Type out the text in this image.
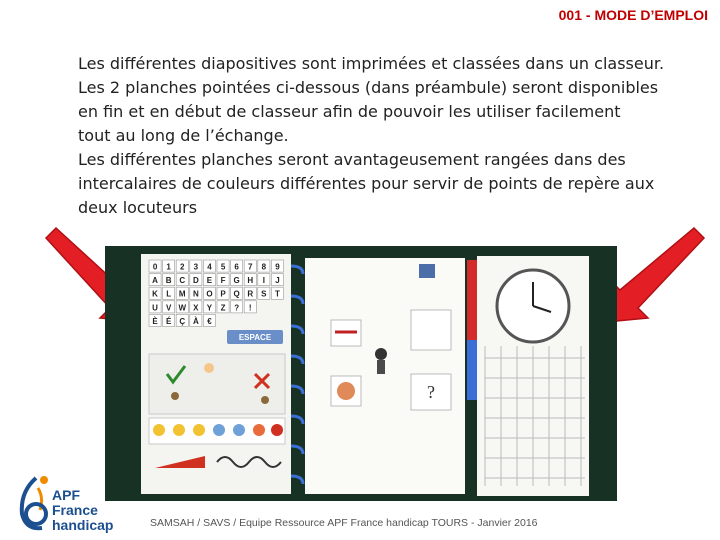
001 - MODE D’EMPLOI
Les différentes diapositives sont imprimées et classées dans un classeur.
Les 2 planches pointées ci-dessous (dans préambule) seront disponibles
en fin et en début de classeur afin de pouvoir les utiliser facilement
tout au long de l’échange.
Les différentes planches seront avantageusement rangées dans des
intercalaires de couleurs différentes pour servir de points de repère aux
deux locuteurs
0 1 2 3 4 5 6 7 8 9
A B C D E F G H I J
K L M N O P Q R S T
U V W X Y Z ? !
È É Ç À €
ESPACE
?
APF
France
handicap	SAMSAH / SAVS / Equipe Ressource APF France handicap TOURS - Janvier 2016
